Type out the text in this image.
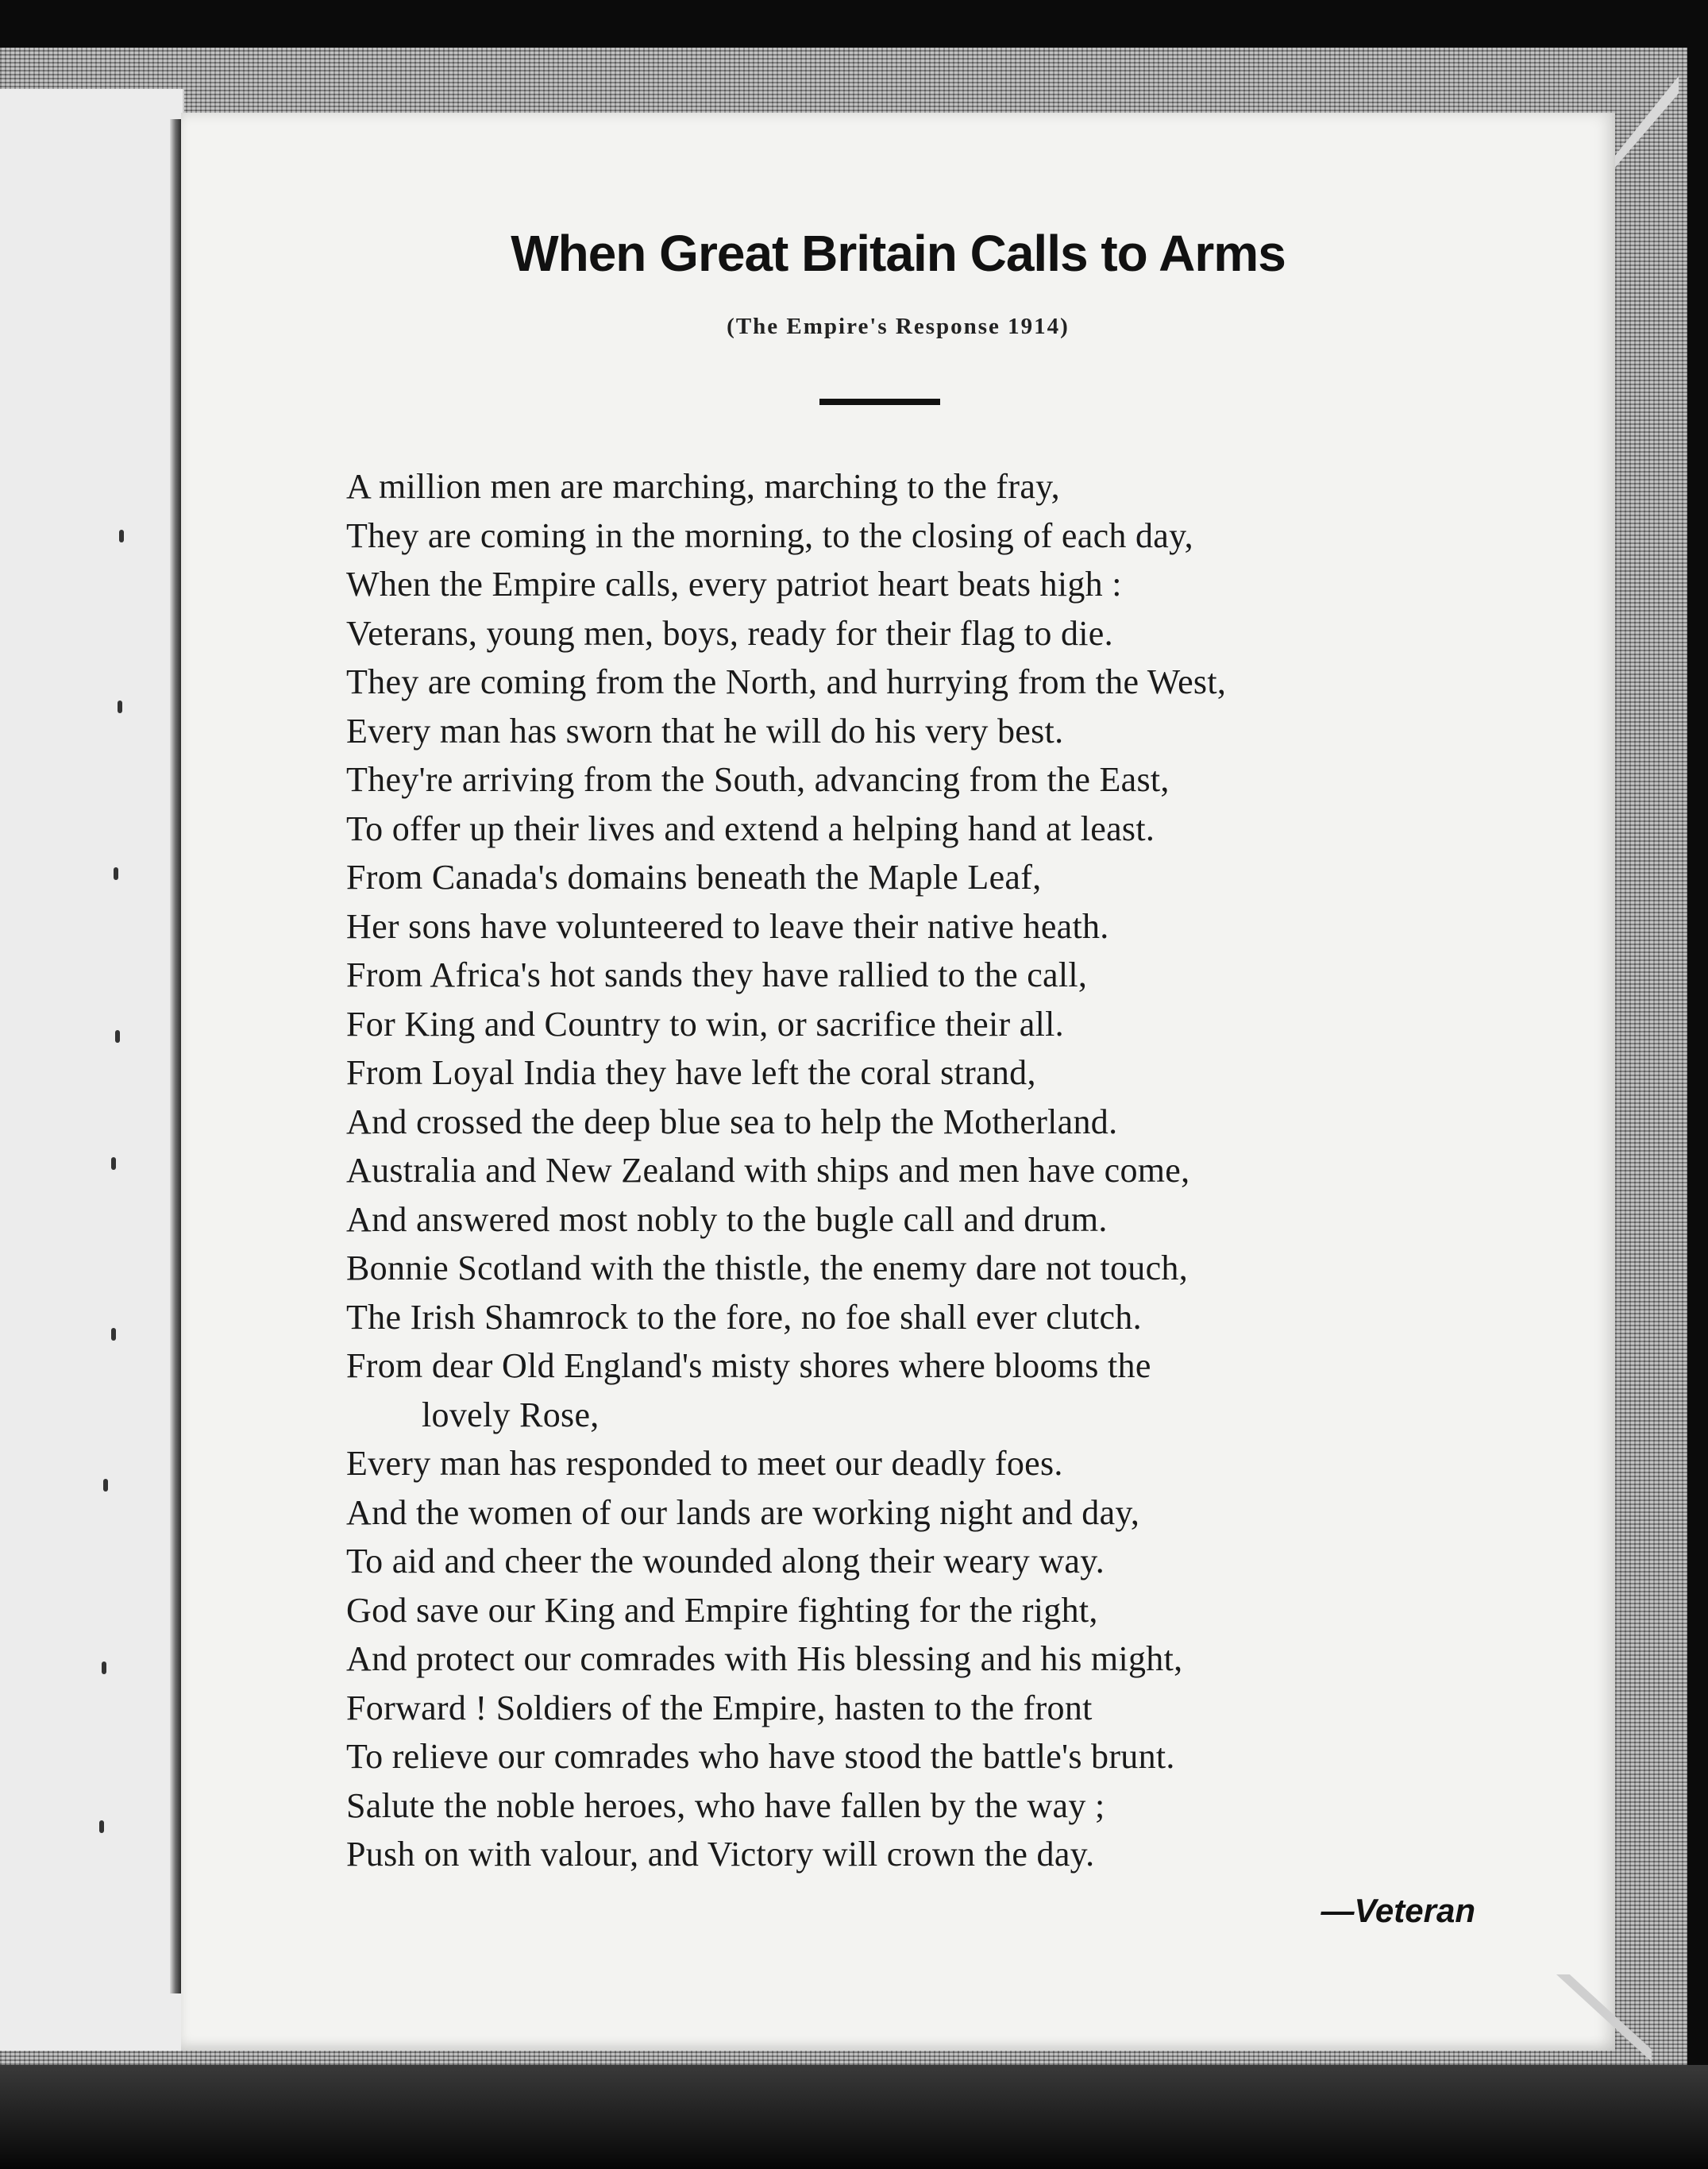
When Great Britain Calls to Arms
(The Empire's Response 1914)
A million men are marching, marching to the fray,
They are coming in the morning, to the closing of each day,
When the Empire calls, every patriot heart beats high :
Veterans, young men, boys, ready for their flag to die.
They are coming from the North, and hurrying from the West,
Every man has sworn that he will do his very best.
They're arriving from the South, advancing from the East,
To offer up their lives and extend a helping hand at least.
From Canada's domains beneath the Maple Leaf,
Her sons have volunteered to leave their native heath.
From Africa's hot sands they have rallied to the call,
For King and Country to win, or sacrifice their all.
From Loyal India they have left the coral strand,
And crossed the deep blue sea to help the Motherland.
Australia and New Zealand with ships and men have come,
And answered most nobly to the bugle call and drum.
Bonnie Scotland with the thistle, the enemy dare not touch,
The Irish Shamrock to the fore, no foe shall ever clutch.
From dear Old England's misty shores where blooms the
lovely Rose,
Every man has responded to meet our deadly foes.
And the women of our lands are working night and day,
To aid and cheer the wounded along their weary way.
God save our King and Empire fighting for the right,
And protect our comrades with His blessing and his might,
Forward ! Soldiers of the Empire, hasten to the front
To relieve our comrades who have stood the battle's brunt.
Salute the noble heroes, who have fallen by the way ;
Push on with valour, and Victory will crown the day.
—Veteran
